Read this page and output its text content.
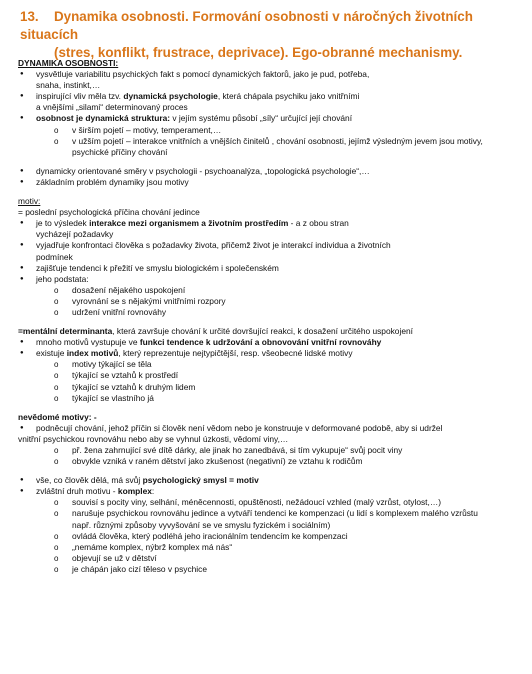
13. Dynamika osobnosti. Formování osobnosti v náročných životních situacích
(stres, konflikt, frustrace, deprivace). Ego-obranné mechanismy.
DYNAMIKA OSOBNOSTI:
● vysvětluje variabilitu psychických fakt s pomocí dynamických faktorů, jako je pud, potřeba,
snaha, instinkt,…
● inspirující vliv měla tzv. dynamická psychologie, která chápala psychiku jako vnitřními
a vnějšími „silami“ determinovaný proces
● osobnost je dynamická struktura: v jejím systému působí „síly“ určující její chování
o v širším pojetí – motivy, temperament,…
o v užším pojetí – interakce vnitřních a vnějších činitelů , chování osobnosti, jejímž výsledným jevem jsou motivy,
psychické příčiny chování
● dynamicky orientované směry v psychologii - psychoanalýza, „topologická psychologie“,…
● základním problém dynamiky jsou motivy
motiv:
= poslední psychologická příčina chování jedince
● je to výsledek interakce mezi organismem a životním prostředím - a z obou stran
vycházejí požadavky
● vyjadřuje konfrontaci člověka s požadavky života, přičemž život je interakcí individua a životních
podmínek
● zajišťuje tendenci k přežití ve smyslu biologickém i společenském
● jeho podstata:
o dosažení nějakého uspokojení
o vyrovnání se s nějakými vnitřními rozpory
o udržení vnitřní rovnováhy
=mentální determinanta, která završuje chování k určité dovršující reakci, k dosažení určitého uspokojení
● mnoho motivů vystupuje ve funkci tendence k udržování a obnovování vnitřní rovnováhy
● existuje index motivů, který reprezentuje nejtypičtější, resp. všeobecné lidské motivy
o motivy týkající se těla
o týkající se vztahů k prostředí
o týkající se vztahů k druhým lidem
o týkající se vlastního já
nevědomé motivy: -
● podněcují chování, jehož příčin si člověk není vědom nebo je konstruuje v deformované podobě, aby si udržel
vnitřní psychickou rovnováhu nebo aby se vyhnul úzkosti, vědomí viny,…
o př. žena zahrnující své dítě dárky, ale jinak ho zanedbává, si tím vykupuje“ svůj pocit viny
o obvykle vzniká v raném dětství jako zkušenost (negativní) ze vztahu k rodičům
● vše, co člověk dělá, má svůj psychologický smysl = motiv
● zvláštní druh motivu - komplex:
o souvisí s pocity viny, selhání, méněcennosti, opuštěnosti, nežádoucí vzhled (malý vzrůst, otylost,…)
o narušuje psychickou rovnováhu jedince a vytváří tendenci ke kompenzaci (u lidí s komplexem malého vzrůstu
např. různými způsoby vyvyšování se ve smyslu fyzickém i sociálním)
o ovládá člověka, který podléhá jeho iracionálním tendencím ke kompenzaci
o „nemáme komplex, nýbrž komplex má nás“
o objevují se už v dětství
o je chápán jako cizí těleso v psychice
